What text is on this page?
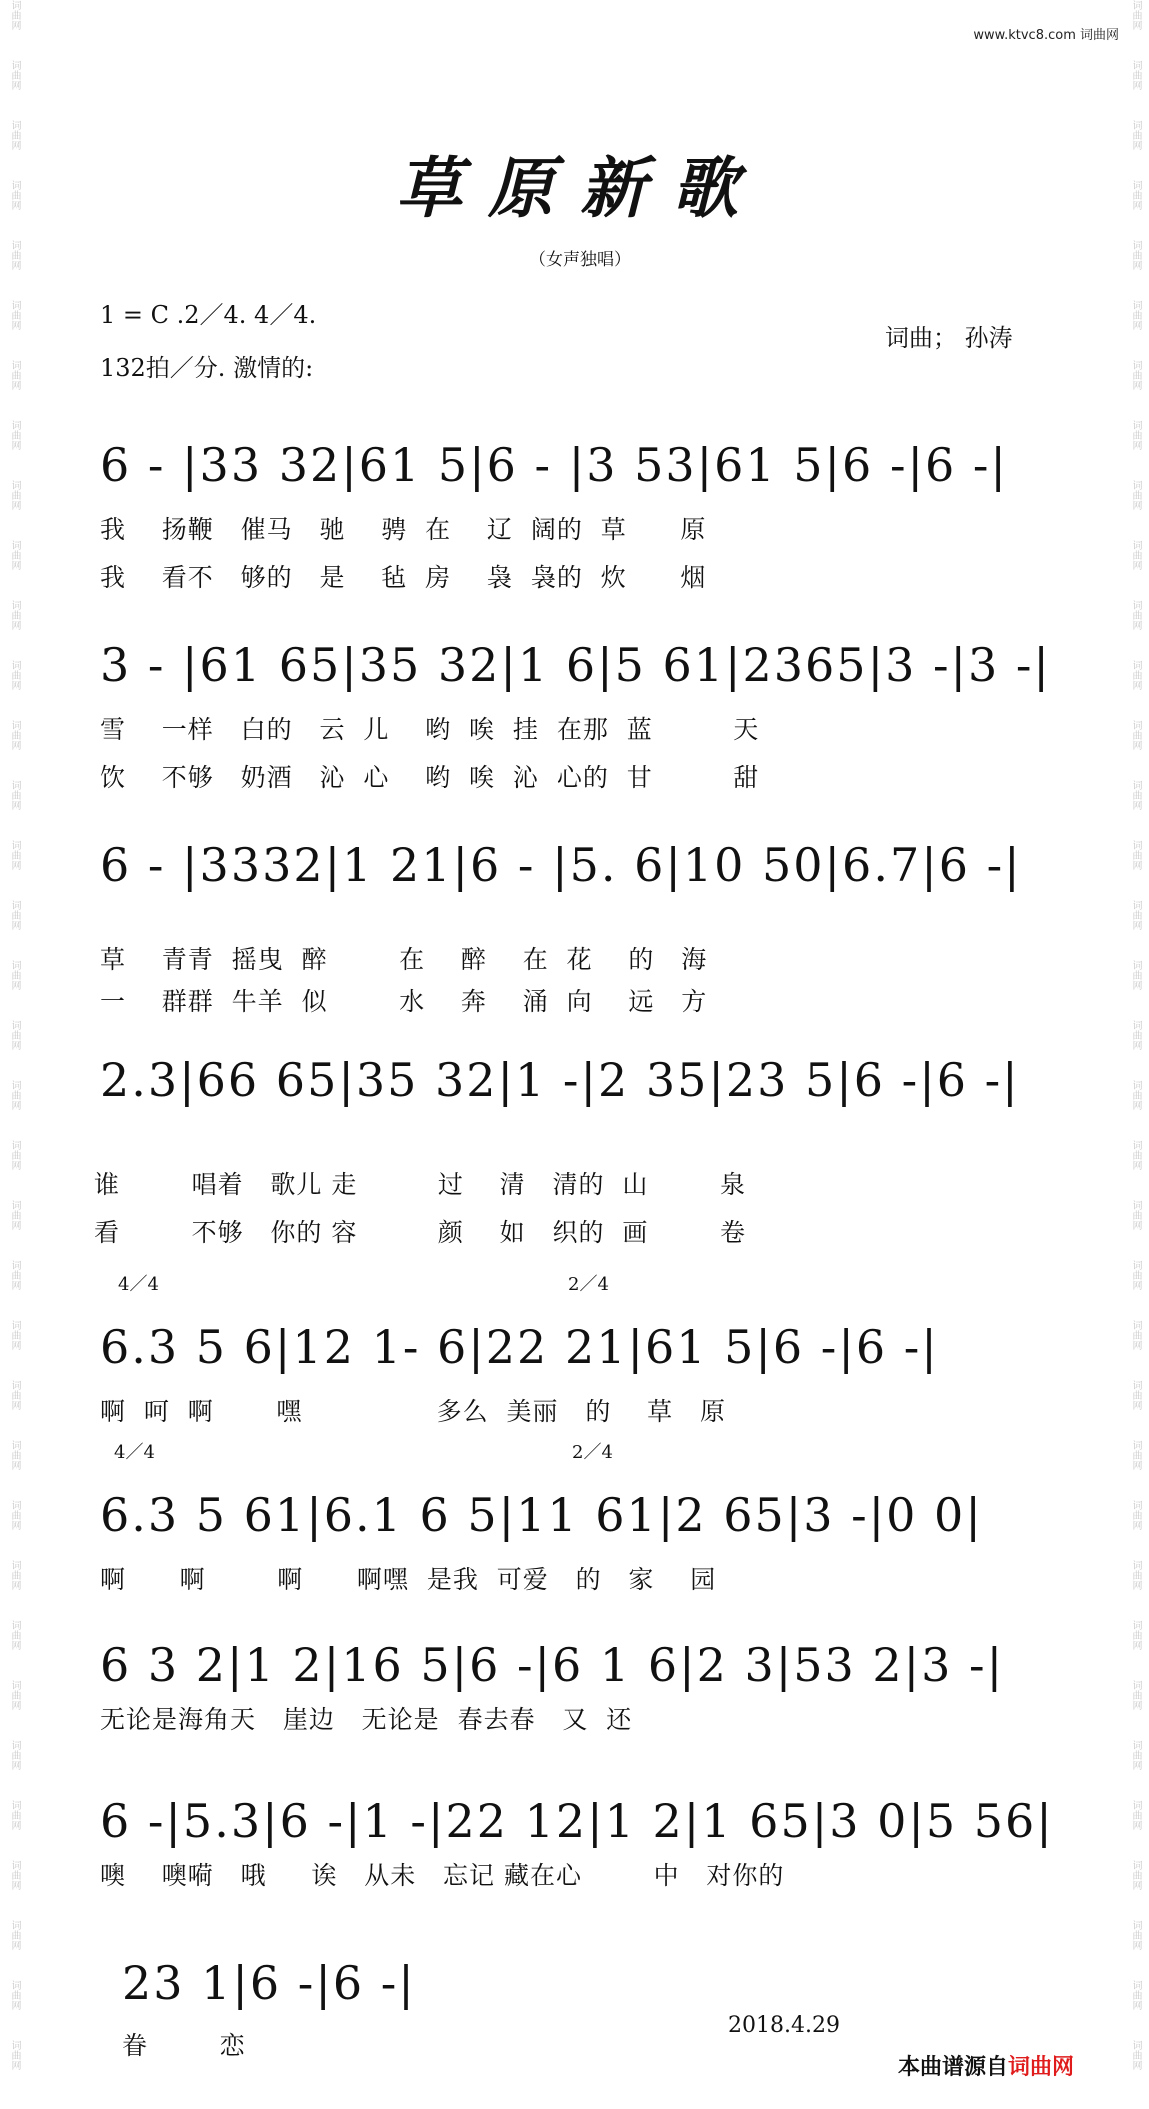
词曲网
词曲网
词曲网
词曲网
词曲网
词曲网
词曲网
词曲网
词曲网
词曲网
词曲网
词曲网
词曲网
词曲网
词曲网
词曲网
词曲网
词曲网
词曲网
词曲网
词曲网
词曲网
词曲网
词曲网
词曲网
词曲网
词曲网
词曲网
词曲网
词曲网
词曲网
词曲网
词曲网
词曲网
词曲网
词曲网
词曲网
词曲网
词曲网
词曲网
词曲网
词曲网
词曲网
词曲网
词曲网
词曲网
词曲网
词曲网
词曲网
词曲网
词曲网
词曲网
词曲网
词曲网
词曲网
词曲网
词曲网
词曲网
词曲网
词曲网
词曲网
词曲网
词曲网
词曲网
词曲网
词曲网
词曲网
词曲网
词曲网
词曲网
www.ktvc8.com 词曲网
草原新歌
（女声独唱）
1 = C .2／4. 4／4.
132拍／分. 激情的:
词曲； 孙涛
6 - |33 32|61 5|6 - |3 53|61 5|6 -|6 -|
我    扬鞭   催马   驰    骋  在    辽  阔的  草      原
我    看不   够的   是    毡  房    袅  袅的  炊      烟
3 - |61 65|35 32|1 6|5 61|2365|3 -|3 -|
雪    一样   白的   云  儿    哟  唉  挂  在那  蓝         天
饮    不够   奶酒   沁  心    哟  唉  沁  心的  甘         甜
6 - |3332|1 21|6 - |5. 6|10 50|6.7|6 -|
草    青青  摇曳  醉        在    醉    在  花    的   海
一    群群  牛羊  似        水    奔    涌  向    远   方
2.3|66 65|35 32|1 -|2 35|23 5|6 -|6 -|
谁        唱着   歌儿 走         过    清   清的  山        泉
看        不够   你的 容         颜    如   织的  画        卷
4／4	2／4
6.3 5 6|12 1- 6|22 21|61 5|6 -|6 -|
啊  呵  啊       嘿               多么  美丽   的    草   原
4／4	2／4
6.3 5 61|6.1 6 5|11 61|2 65|3 -|0 0|
啊      啊        啊      啊嘿  是我  可爱   的   家    园
6 3 2|1 2|16 5|6 -|6 1 6|2 3|53 2|3 -|
无论是海角天   崖边   无论是  春去春   又  还
6 -|5.3|6 -|1 -|22 12|1 2|1 65|3 0|5 56|
噢    噢嗬   哦     诶   从未   忘记 藏在心        中   对你的
23 1|6 -|6 -|
眷        恋
2018.4.29
本曲谱源自词曲网
